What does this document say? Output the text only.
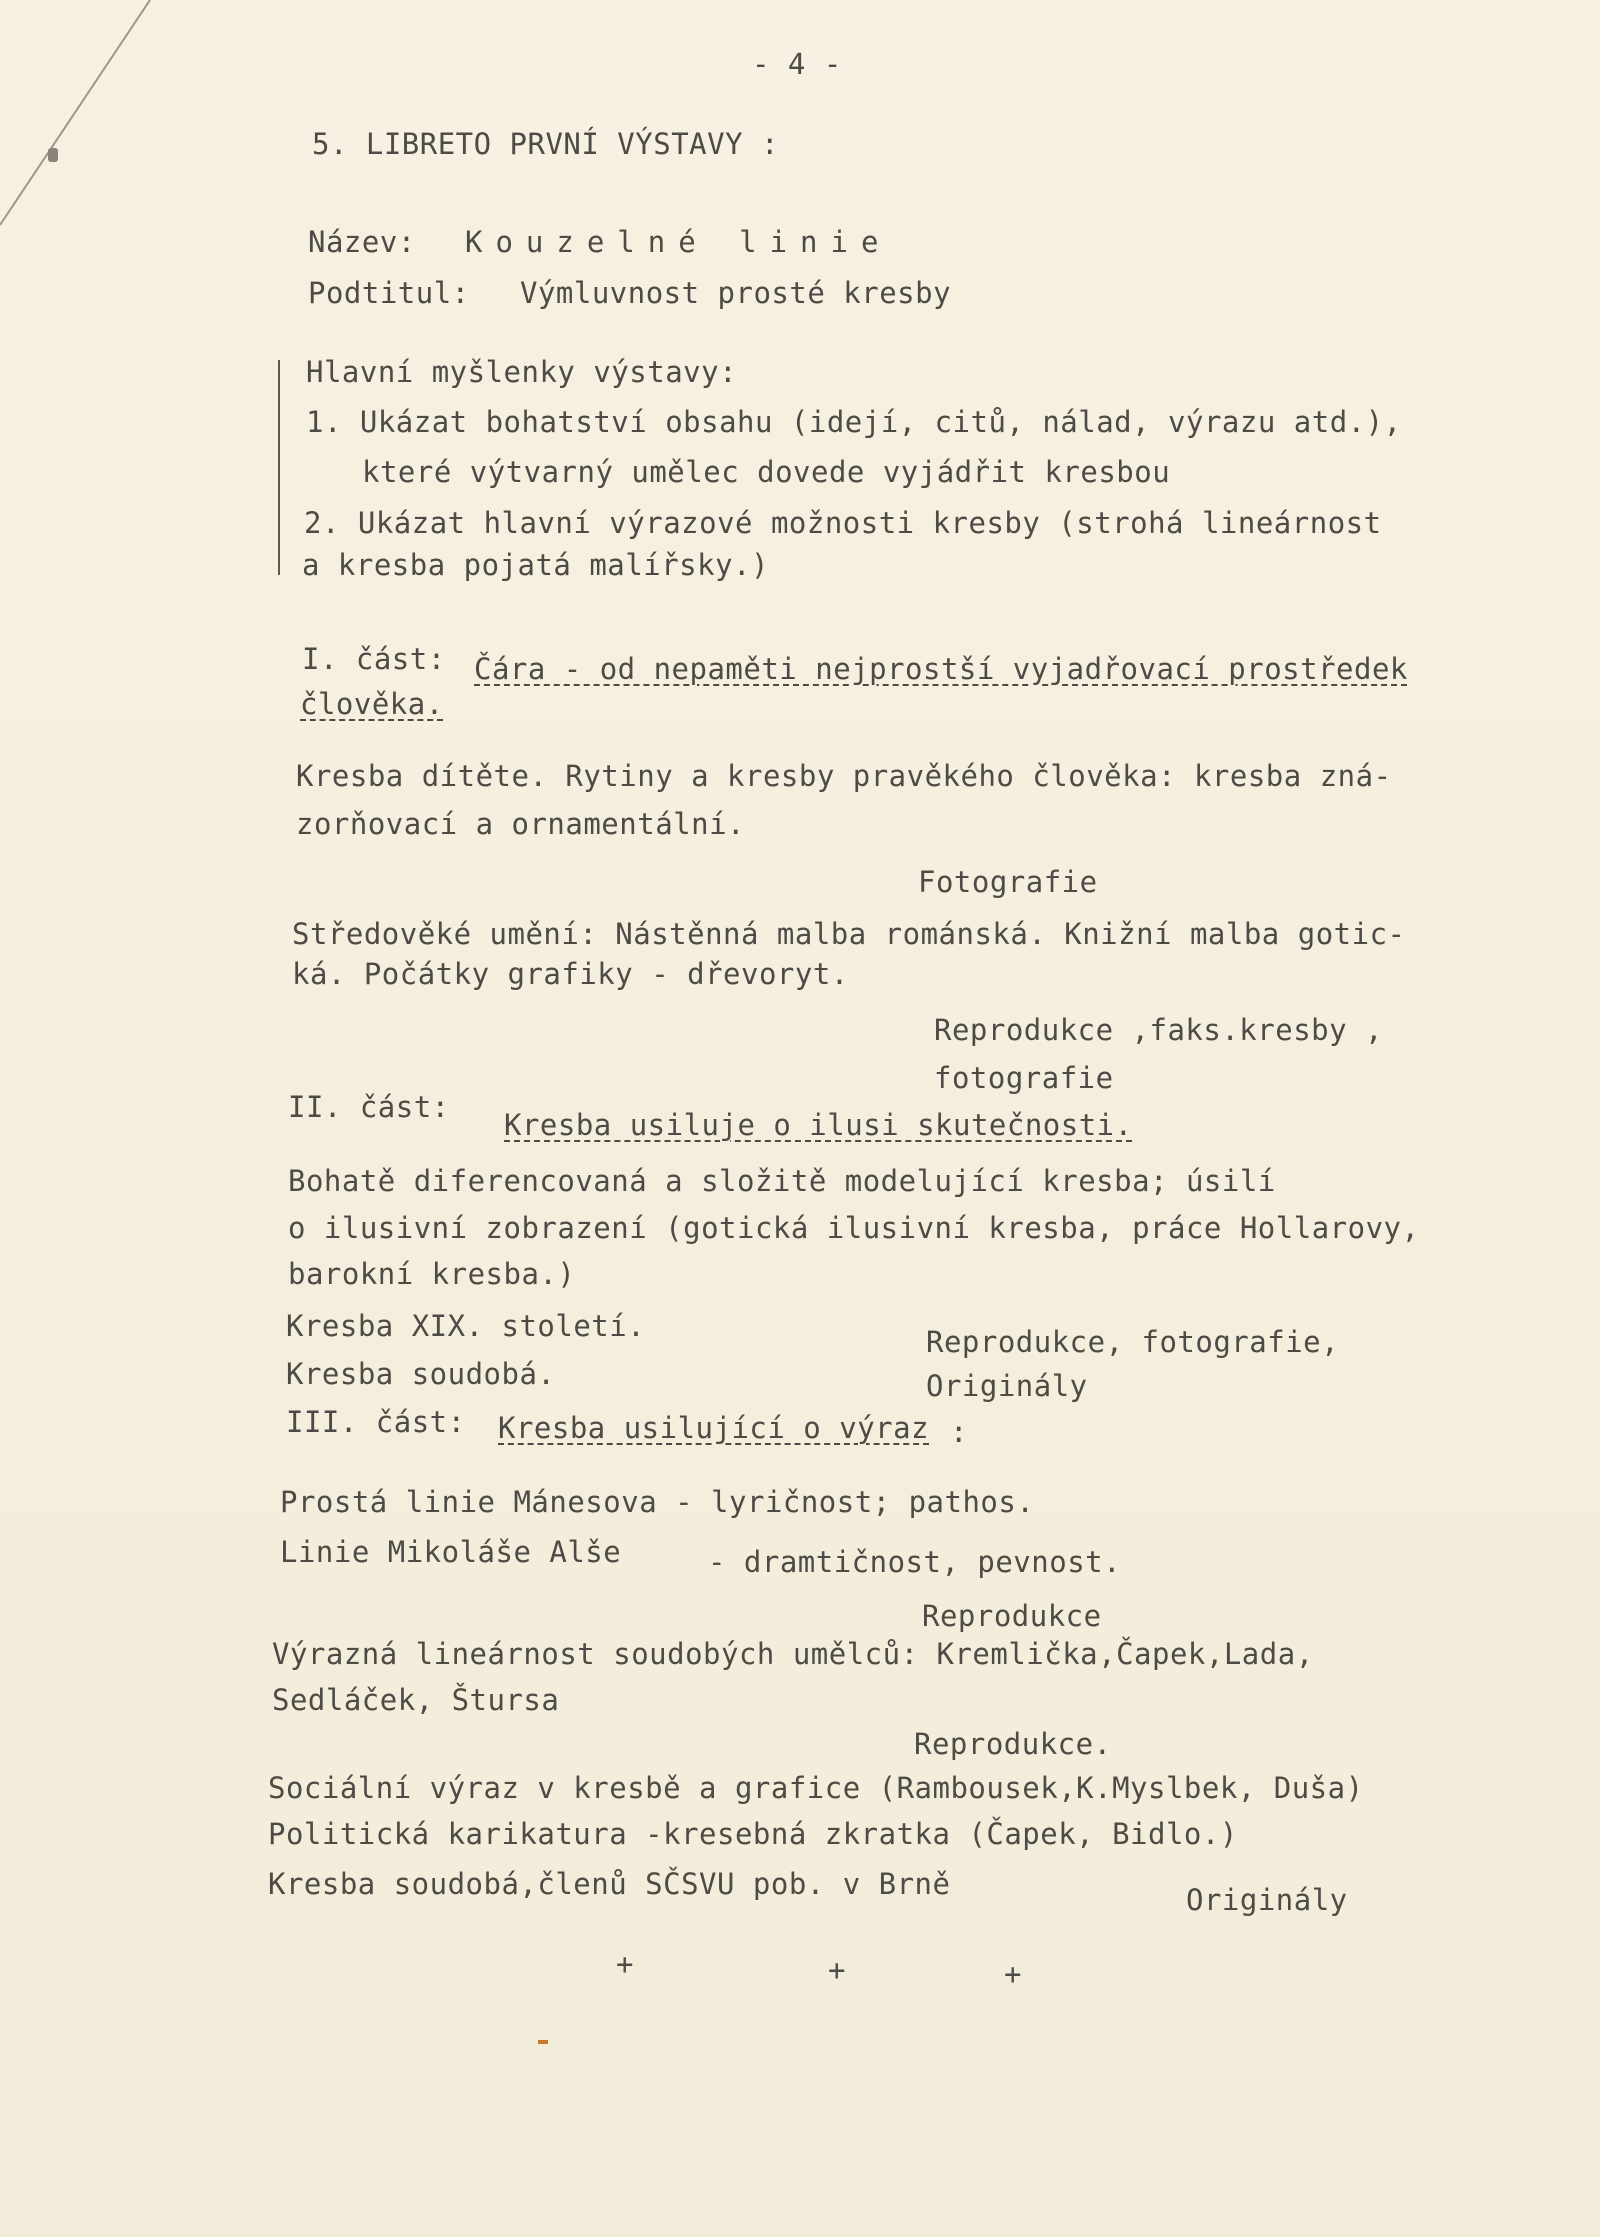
- 4 -
5. LIBRETO PRVNÍ VÝSTAVY :
Název: Kouzelné linie
Podtitul: Výmluvnost prosté kresby
Hlavní myšlenky výstavy:
1. Ukázat bohatství obsahu (idejí, citů, nálad, výrazu atd.),
které výtvarný umělec dovede vyjádřit kresbou
2. Ukázat hlavní výrazové možnosti kresby (strohá lineárnost
a kresba pojatá malířsky.)
I. část: Čára - od nepaměti nejprostší vyjadřovací prostředek
člověka.
Kresba dítěte. Rytiny a kresby pravěkého člověka: kresba zná-
zorňovací a ornamentální.
Fotografie
Středověké umění: Nástěnná malba románská. Knižní malba gotic-
ká. Počátky grafiky - dřevoryt.
Reprodukce ,faks.kresby ,
fotografie
II. část:
Kresba usiluje o ilusi skutečnosti.
Bohatě diferencovaná a složitě modelující kresba; úsilí
o ilusivní zobrazení (gotická ilusivní kresba, práce Hollarovy,
barokní kresba.)
Kresba XIX. století.	Reprodukce, fotografie,
Kresba soudobá.	Originály
III. část: Kresba usilující o výraz :
Prostá linie Mánesova - lyričnost; pathos.
Linie Mikoláše Alše	- dramtičnost, pevnost.
Reprodukce
Výrazná lineárnost soudobých umělců: Kremlička,Čapek,Lada,
Sedláček, Štursa
Reprodukce.
Sociální výraz v kresbě a grafice (Rambousek,K.Myslbek, Duša)
Politická karikatura -kresebná zkratka (Čapek, Bidlo.)
Kresba soudobá,členů SČSVU pob. v Brně	Originály
+	+	+
